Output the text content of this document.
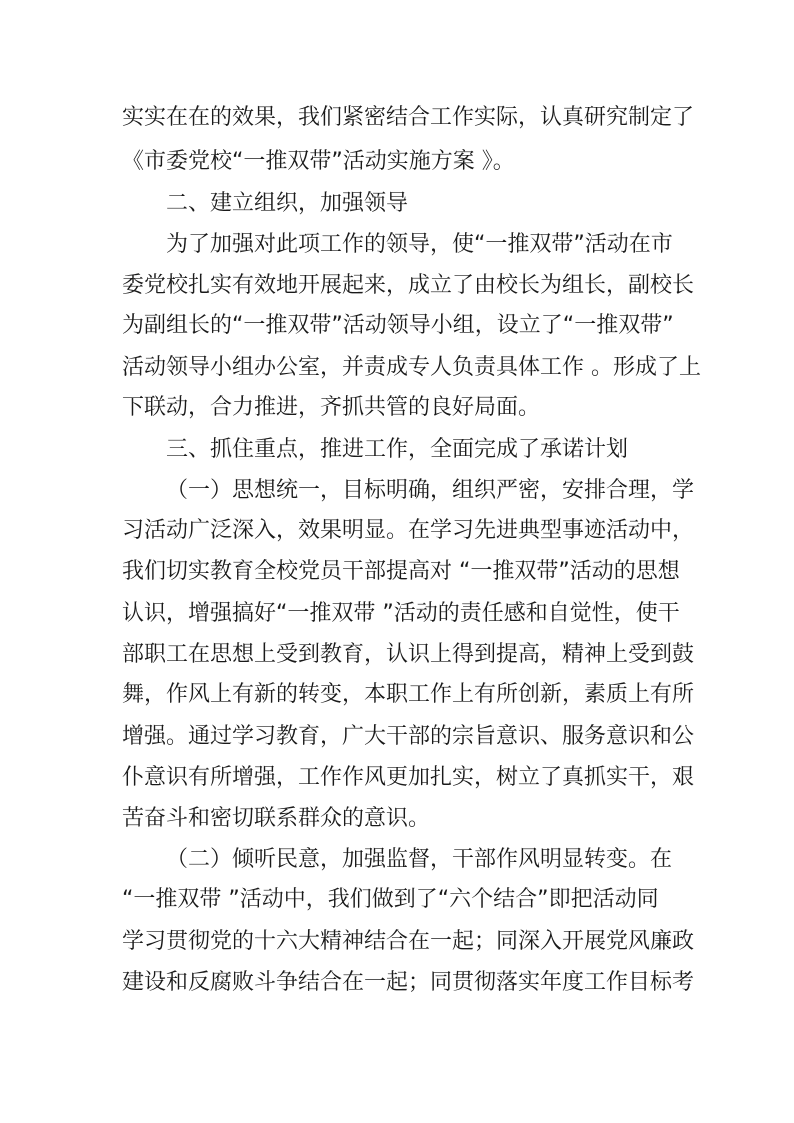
实实在在的效果，我们紧密结合工作实际，认真研究制定了
《市委党校“一推双带”活动实施方案 》。
二、建立组织，加强领导
为了加强对此项工作的领导，使“一推双带”活动在市
委党校扎实有效地开展起来，成立了由校长为组长，副校长
为副组长的“一推双带”活动领导小组，设立了“一推双带”
活动领导小组办公室，并责成专人负责具体工作 。形成了上
下联动，合力推进，齐抓共管的良好局面。
三、抓住重点，推进工作，全面完成了承诺计划
（一）思想统一，目标明确，组织严密，安排合理，学
习活动广泛深入，效果明显。在学习先进典型事迹活动中，
我们切实教育全校党员干部提高对 “一推双带”活动的思想
认识，增强搞好“一推双带 ”活动的责任感和自觉性，使干
部职工在思想上受到教育，认识上得到提高，精神上受到鼓
舞，作风上有新的转变，本职工作上有所创新，素质上有所
增强。通过学习教育，广大干部的宗旨意识、服务意识和公
仆意识有所增强，工作作风更加扎实，树立了真抓实干，艰
苦奋斗和密切联系群众的意识。
（二）倾听民意，加强监督，干部作风明显转变。在
“一推双带 ”活动中，我们做到了“六个结合”即把活动同
学习贯彻党的十六大精神结合在一起；同深入开展党风廉政
建设和反腐败斗争结合在一起；同贯彻落实年度工作目标考
